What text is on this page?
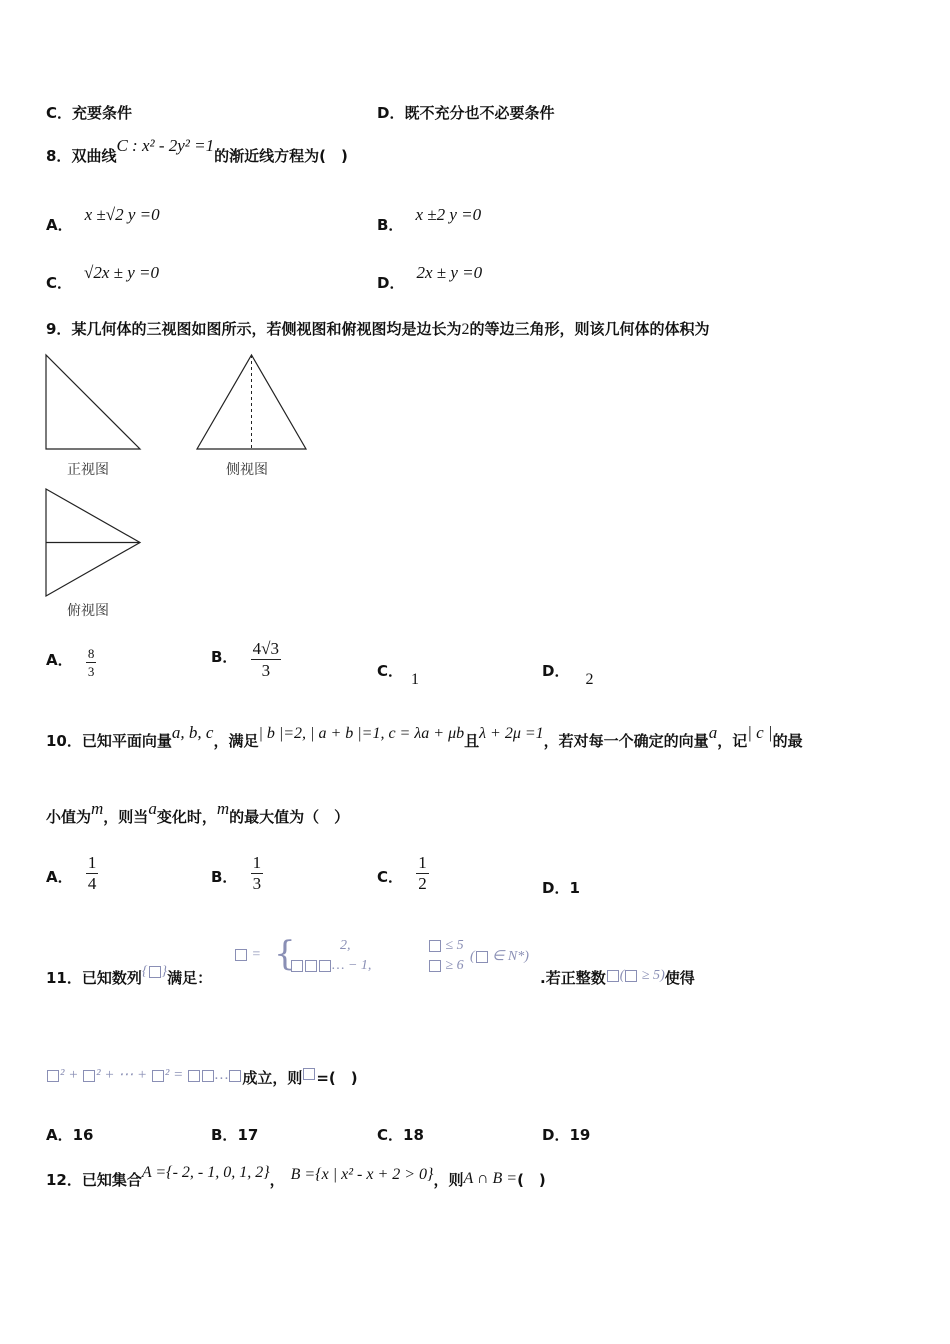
C．充要条件	D．既不充分也不必要条件
8．双曲线C : x² - 2y² =1的渐近线方程为(　)
A．x ±√2 y =0
B．x ±2 y =0
C．√2x ± y =0
D．2x ± y =0
9．某几何体的三视图如图所示，若侧视图和俯视图均是边长为2的等边三角形，则该几何体的体积为
正视图	侧视图
俯视图
A． $\frac{8}{3}$	B． $\frac{4√3}{3}$	C． 1	D． 2
10．已知平面向量a, b, c，满足| b |=2, | a + b |=1, c = λa + μb且λ + 2μ =1，若对每一个确定的向量a，记| c |的最
小值为m，则当a变化时，m的最大值为（　）
A． $\frac{1}{4}$	B． $\frac{1}{3}$	C． $\frac{1}{2}$	D．1
11．已知数列{ }满足：
= {	2,
… − 1,
≤ 5
≥ 6
( ∈ N*)
.若正整数 ( ≥ 5)使得
² + ² + ⋯ + ² = … 成立，则 =(　)
A．16	B．17	C．18	D．19
12．已知集合A ={- 2, - 1, 0, 1, 2}， B ={x | x² - x + 2 > 0}，则A ∩ B =(　)
